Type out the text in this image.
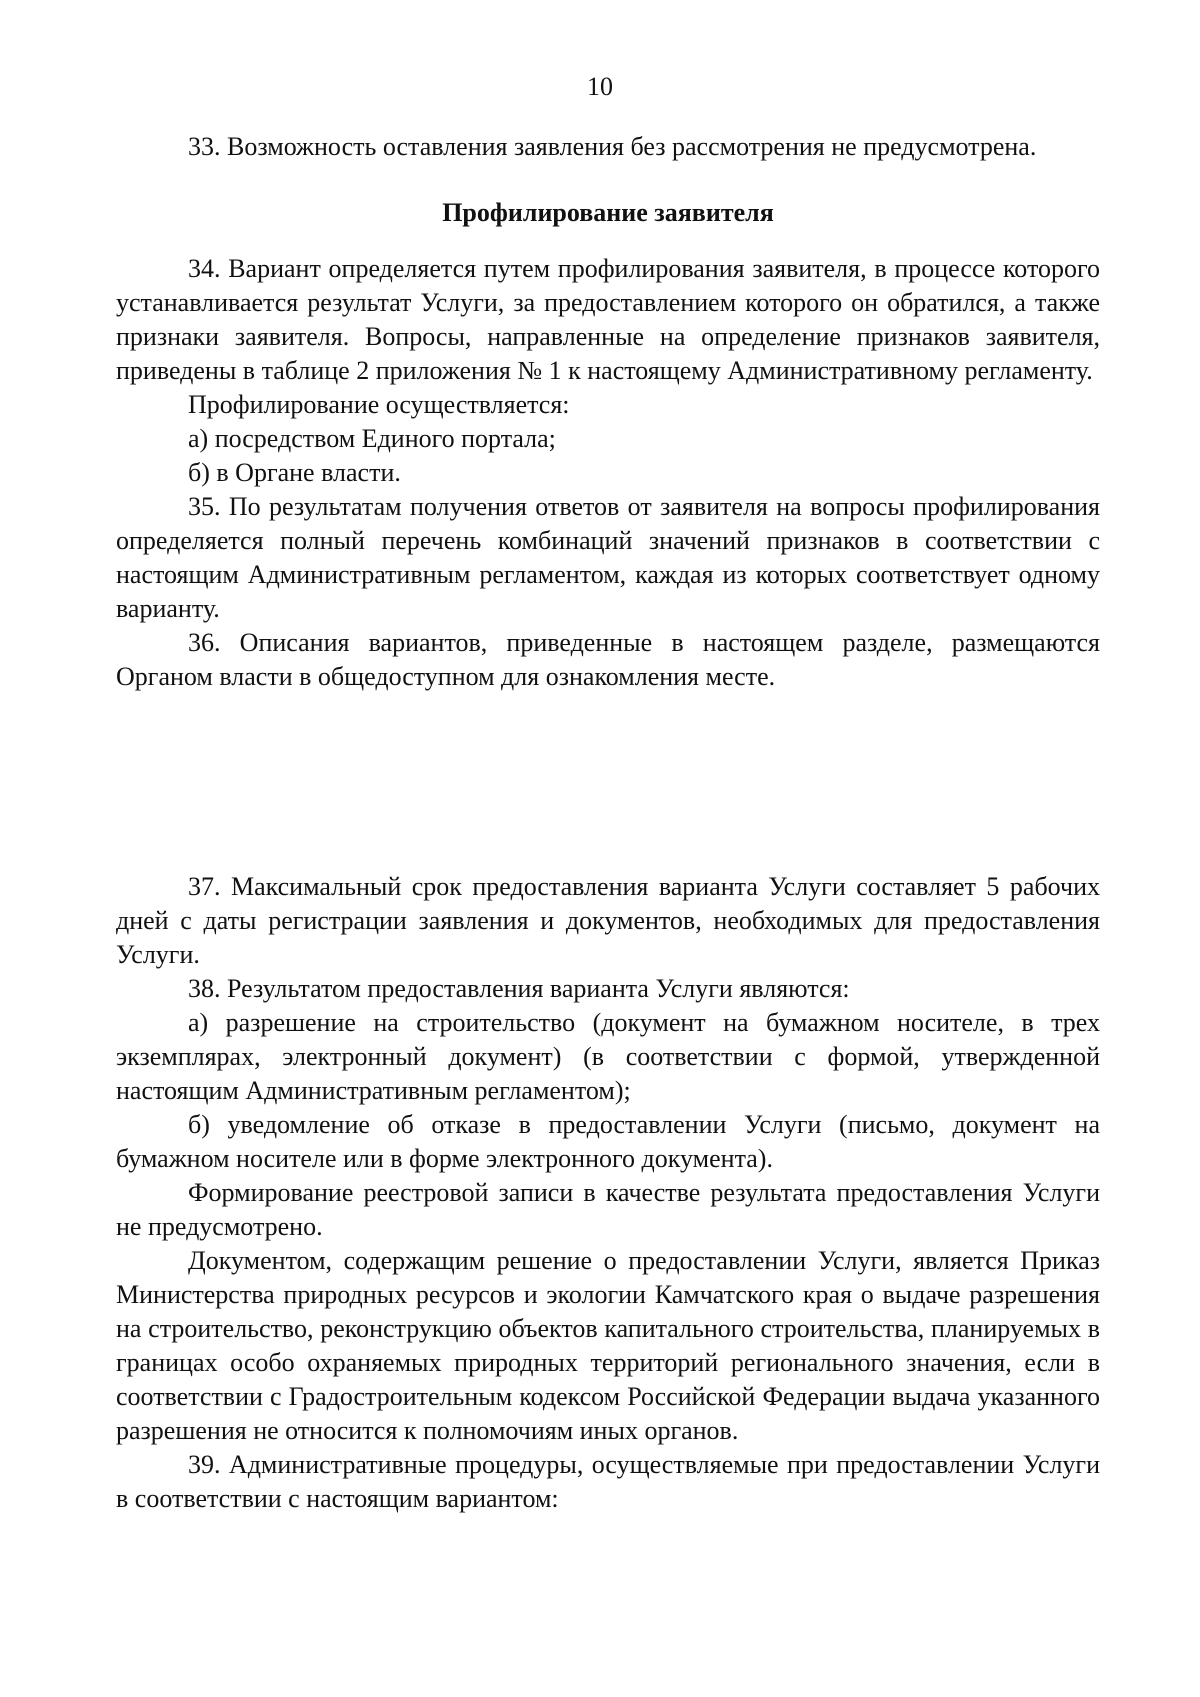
10

33. Возможность оставления заявления без рассмотрения не предусмотрена.

Профилирование заявителя

34. Вариант определяется путем профилирования заявителя, в процессе которого устанавливается результат Услуги, за предоставлением которого он обратился, а также признаки заявителя. Вопросы, направленные на определение признаков заявителя, приведены в таблице 2 приложения № 1 к настоящему Административному регламенту.

Профилирование осуществляется:

а) посредством Единого портала;

б) в Органе власти.

35. По результатам получения ответов от заявителя на вопросы профилирования определяется полный перечень комбинаций значений признаков в соответствии с настоящим Административным регламентом, каждая из которых соответствует одному варианту.

36. Описания вариантов, приведенные в настоящем разделе, размещаются Органом власти в общедоступном для ознакомления месте.

37. Максимальный срок предоставления варианта Услуги составляет 5 рабочих дней с даты регистрации заявления и документов, необходимых для предоставления Услуги.

38. Результатом предоставления варианта Услуги являются:

а) разрешение на строительство (документ на бумажном носителе, в трех экземплярах, электронный документ) (в соответствии с формой, утвержденной настоящим Административным регламентом);

б) уведомление об отказе в предоставлении Услуги (письмо, документ на бумажном носителе или в форме электронного документа).

Формирование реестровой записи в качестве результата предоставления Услуги не предусмотрено.

Документом, содержащим решение о предоставлении Услуги, является Приказ Министерства природных ресурсов и экологии Камчатского края о выдаче разрешения на строительство, реконструкцию объектов капитального строительства, планируемых в границах особо охраняемых природных территорий регионального значения, если в соответствии с Градостроительным кодексом Российской Федерации выдача указанного разрешения не относится к полномочиям иных органов.

39. Административные процедуры, осуществляемые при предоставлении Услуги в соответствии с настоящим вариантом:
